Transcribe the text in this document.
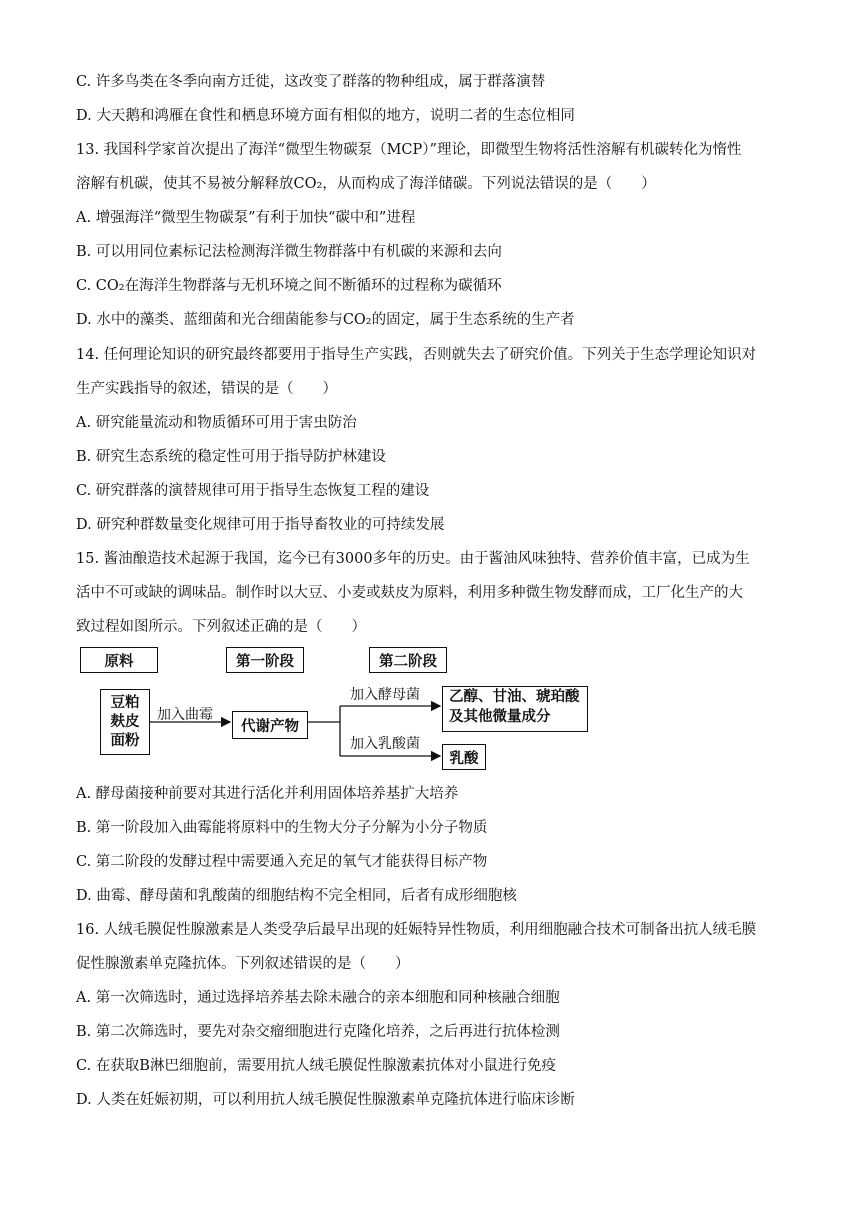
C. 许多鸟类在冬季向南方迁徙，这改变了群落的物种组成，属于群落演替
D. 大天鹅和鸿雁在食性和栖息环境方面有相似的地方，说明二者的生态位相同
13. 我国科学家首次提出了海洋“微型生物碳泵（MCP）”理论，即微型生物将活性溶解有机碳转化为惰性
溶解有机碳，使其不易被分解释放CO₂，从而构成了海洋储碳。下列说法错误的是（　　）
A. 增强海洋“微型生物碳泵”有利于加快“碳中和”进程
B. 可以用同位素标记法检测海洋微生物群落中有机碳的来源和去向
C. CO₂在海洋生物群落与无机环境之间不断循环的过程称为碳循环
D. 水中的藻类、蓝细菌和光合细菌能参与CO₂的固定，属于生态系统的生产者
14. 任何理论知识的研究最终都要用于指导生产实践，否则就失去了研究价值。下列关于生态学理论知识对
生产实践指导的叙述，错误的是（　　）
A. 研究能量流动和物质循环可用于害虫防治
B. 研究生态系统的稳定性可用于指导防护林建设
C. 研究群落的演替规律可用于指导生态恢复工程的建设
D. 研究种群数量变化规律可用于指导畜牧业的可持续发展
15. 酱油酿造技术起源于我国，迄今已有3000多年的历史。由于酱油风味独特、营养价值丰富，已成为生
活中不可或缺的调味品。制作时以大豆、小麦或麸皮为原料，利用多种微生物发酵而成，工厂化生产的大
致过程如图所示。下列叙述正确的是（　　）
原料	第一阶段	第二阶段
豆粕
麸皮
面粉
加入曲霉
代谢产物
加入酵母菌 乙醇、甘油、琥珀酸
及其他微量成分
加入乳酸菌
乳酸
A. 酵母菌接种前要对其进行活化并利用固体培养基扩大培养
B. 第一阶段加入曲霉能将原料中的生物大分子分解为小分子物质
C. 第二阶段的发酵过程中需要通入充足的氧气才能获得目标产物
D. 曲霉、酵母菌和乳酸菌的细胞结构不完全相同，后者有成形细胞核
16. 人绒毛膜促性腺激素是人类受孕后最早出现的妊娠特异性物质，利用细胞融合技术可制备出抗人绒毛膜
促性腺激素单克隆抗体。下列叙述错误的是（　　）
A. 第一次筛选时，通过选择培养基去除未融合的亲本细胞和同种核融合细胞
B. 第二次筛选时，要先对杂交瘤细胞进行克隆化培养，之后再进行抗体检测
C. 在获取B淋巴细胞前，需要用抗人绒毛膜促性腺激素抗体对小鼠进行免疫
D. 人类在妊娠初期，可以利用抗人绒毛膜促性腺激素单克隆抗体进行临床诊断
